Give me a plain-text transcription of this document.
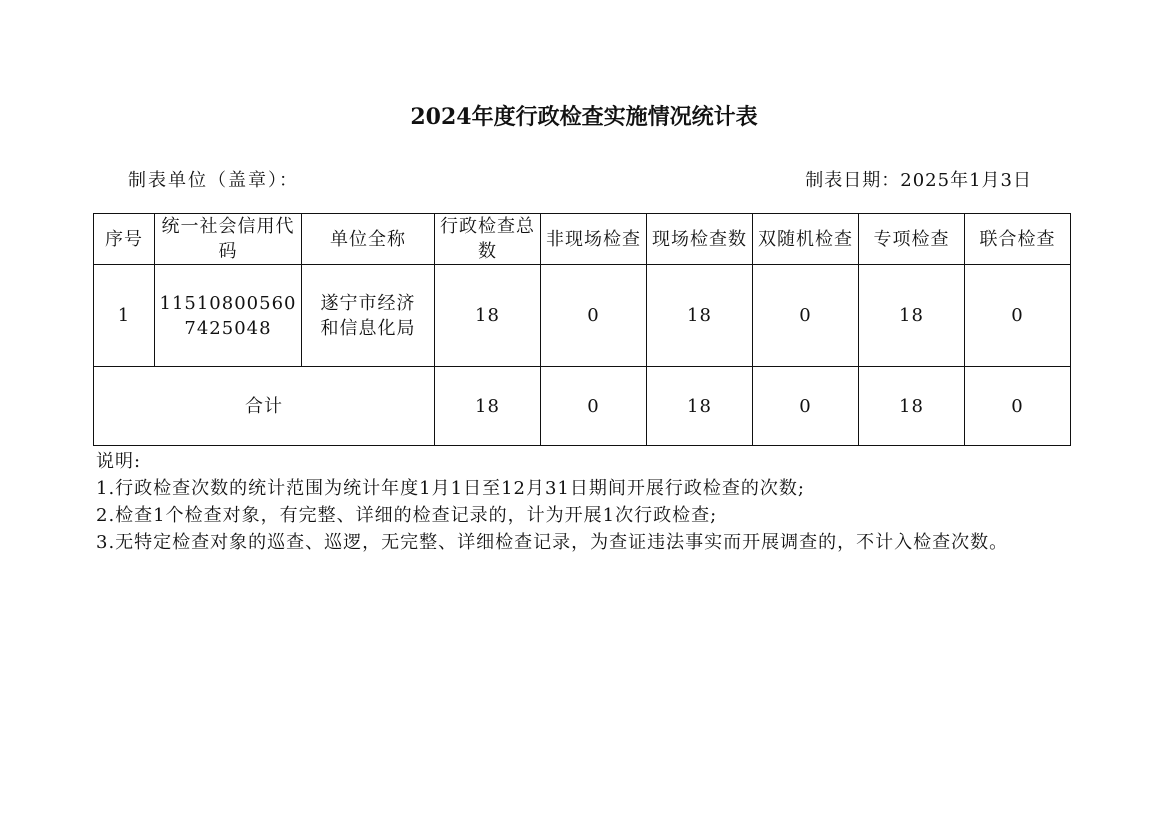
2024年度行政检查实施情况统计表
制表单位（盖章）：	制表日期：2025年1月3日
序号	统一社会信用代码	单位全称	行政检查总数	非现场检查	现场检查数	双随机检查	专项检查	联合检查
1	115108005607425048	遂宁市经济和信息化局	18	0	18	0	18	0
合计			18	0	18	0	18	0

说明:

1.行政检查次数的统计范围为统计年度1月1日至12月31日期间开展行政检查的次数;

2.检查1个检查对象，有完整、详细的检查记录的，计为开展1次行政检查;

3.无特定检查对象的巡查、巡逻，无完整、详细检查记录，为查证违法事实而开展调查的，不计入检查次数。
